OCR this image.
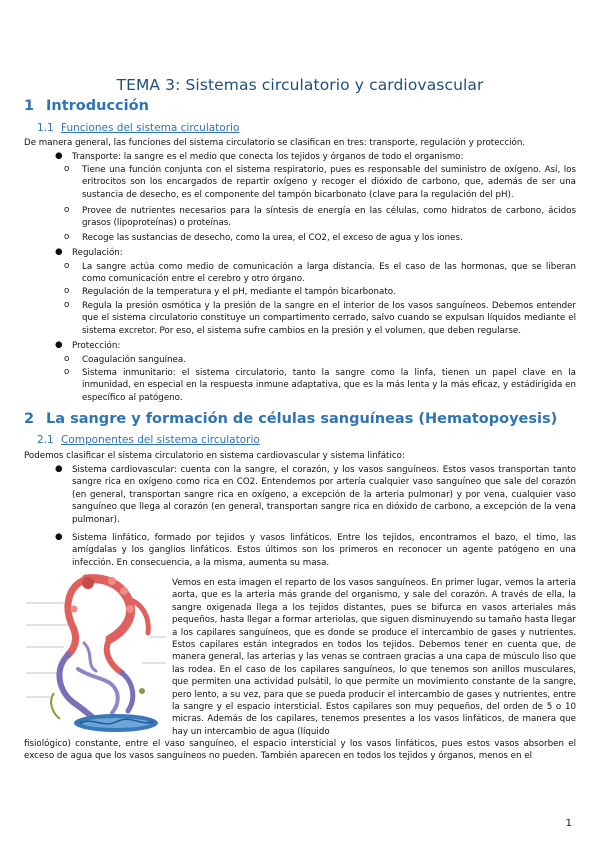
TEMA 3: Sistemas circulatorio y cardiovascular
1 Introducción
1.1 Funciones del sistema circulatorio
De manera general, las funciones del sistema circulatorio se clasifican en tres: transporte, regulación y protección.
● Transporte: la sangre es el medio que conecta los tejidos y órganos de todo el organismo:
o Tiene una función conjunta con el sistema respiratorio, pues es responsable del suministro de oxígeno. Así, los eritrocitos son los encargados de repartir oxígeno y recoger el dióxido de carbono, que, además de ser una sustancia de desecho, es el componente del tampón bicarbonato (clave para la regulación del pH).
o Provee de nutrientes necesarios para la síntesis de energía en las células, como hidratos de carbono, ácidos grasos (lipoproteínas) o proteínas.
o Recoge las sustancias de desecho, como la urea, el CO2, el exceso de agua y los iones.
● Regulación:
o La sangre actúa como medio de comunicación a larga distancia. Es el caso de las hormonas, que se liberan como comunicación entre el cerebro y otro órgano.
o Regulación de la temperatura y el pH, mediante el tampón bicarbonato.
o Regula la presión osmótica y la presión de la sangre en el interior de los vasos sanguíneos. Debemos entender que el sistema circulatorio constituye un compartimento cerrado, salvo cuando se expulsan líquidos mediante el sistema excretor. Por eso, el sistema sufre cambios en la presión y el volumen, que deben regularse.
● Protección:
o Coagulación sanguínea.
o Sistema inmunitario: el sistema circulatorio, tanto la sangre como la linfa, tienen un papel clave en la inmunidad, en especial en la respuesta inmune adaptativa, que es la más lenta y la más eficaz, y estádirigida en específico al patógeno.
2 La sangre y formación de células sanguíneas (Hematopoyesis)
2.1 Componentes del sistema circulatorio
Podemos clasificar el sistema circulatorio en sistema cardiovascular y sistema linfático:
● Sistema cardiovascular: cuenta con la sangre, el corazón, y los vasos sanguíneos. Estos vasos transportan tanto sangre rica en oxígeno como rica en CO2. Entendemos por artería cualquier vaso sanguíneo que sale del corazón (en general, transportan sangre rica en oxígeno, a excepción de la arteria pulmonar) y por vena, cualquier vaso sanguíneo que llega al corazón (en general, transportan sangre rica en dióxido de carbono, a excepción de la vena pulmonar).
● Sistema linfático, formado por tejidos y vasos linfáticos. Entre los tejidos, encontramos el bazo, el timo, las amígdalas y los ganglios linfáticos. Estos últimos son los primeros en reconocer un agente patógeno en una infección. En consecuencia, a la misma, aumenta su masa.
Vemos en esta imagen el reparto de los vasos sanguíneos. En primer lugar, vemos la arteria aorta, que es la arteria más grande del organismo, y sale del corazón. A través de ella, la sangre oxigenada llega a los tejidos distantes, pues se bifurca en vasos arteriales más pequeños, hasta llegar a formar arteriolas, que siguen disminuyendo su tamaño hasta llegar a los capilares sanguíneos, que es donde se produce el intercambio de gases y nutrientes. Estos capilares están integrados en todos los tejidos. Debemos tener en cuenta que, de manera general, las arterias y las venas se contraen gracias a una capa de músculo liso que las rodea. En el caso de los capilares sanguíneos, lo que tenemos son anillos musculares, que permiten una actividad pulsátil, lo que permite un movimiento constante de la sangre, pero lento, a su vez, para que se pueda producir el intercambio de gases y nutrientes, entre la sangre y el espacio intersticial. Estos capilares son muy pequeños, del orden de 5 o 10 micras. Además de los capilares, tenemos presentes a los vasos linfáticos, de manera que hay un intercambio de agua (líquido
fisiológico) constante, entre el vaso sanguíneo, el espacio intersticial y los vasos linfáticos, pues estos vasos absorben el exceso de agua que los vasos sanguíneos no pueden. También aparecen en todos los tejidos y órganos, menos en el
1
